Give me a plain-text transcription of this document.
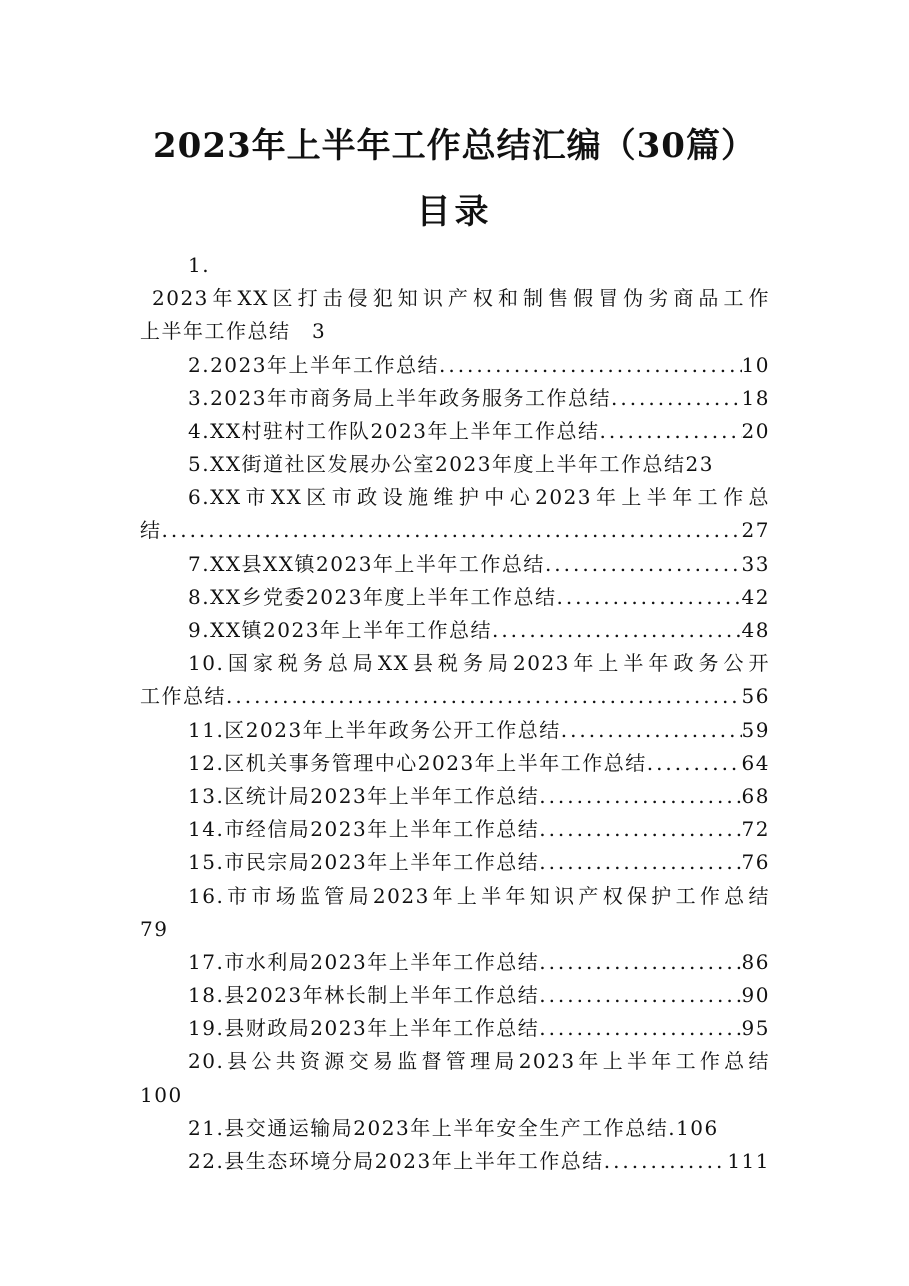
2023年上半年工作总结汇编（30篇）
目录
1.
2023年XX区打击侵犯知识产权和制售假冒伪劣商品工作
上半年工作总结　3
2.2023年上半年工作总结 .....	10
3.2023年市商务局上半年政务服务工作总结 .....	18
4.XX村驻村工作队2023年上半年工作总结 .....	20
5.XX街道社区发展办公室2023年度上半年工作总结 23
6.XX市XX区市政设施维护中心2023年上半年工作总
结 .....	27
7.XX县XX镇2023年上半年工作总结 .....	33
8.XX乡党委2023年度上半年工作总结 .....	42
9.XX镇2023年上半年工作总结 .....	48
10.国家税务总局XX县税务局2023年上半年政务公开
工作总结 .....	56
11.区2023年上半年政务公开工作总结 .....	59
12.区机关事务管理中心2023年上半年工作总结 .....	64
13.区统计局2023年上半年工作总结 .....	68
14.市经信局2023年上半年工作总结 .....	72
15.市民宗局2023年上半年工作总结 .....	76
16.市市场监管局2023年上半年知识产权保护工作总结
79
17.市水利局2023年上半年工作总结 .....	86
18.县2023年林长制上半年工作总结 .....	90
19.县财政局2023年上半年工作总结 .....	95
20.县公共资源交易监督管理局2023年上半年工作总结
100
21.县交通运输局2023年上半年安全生产工作总结. 106
22.县生态环境分局2023年上半年工作总结 .....	111
